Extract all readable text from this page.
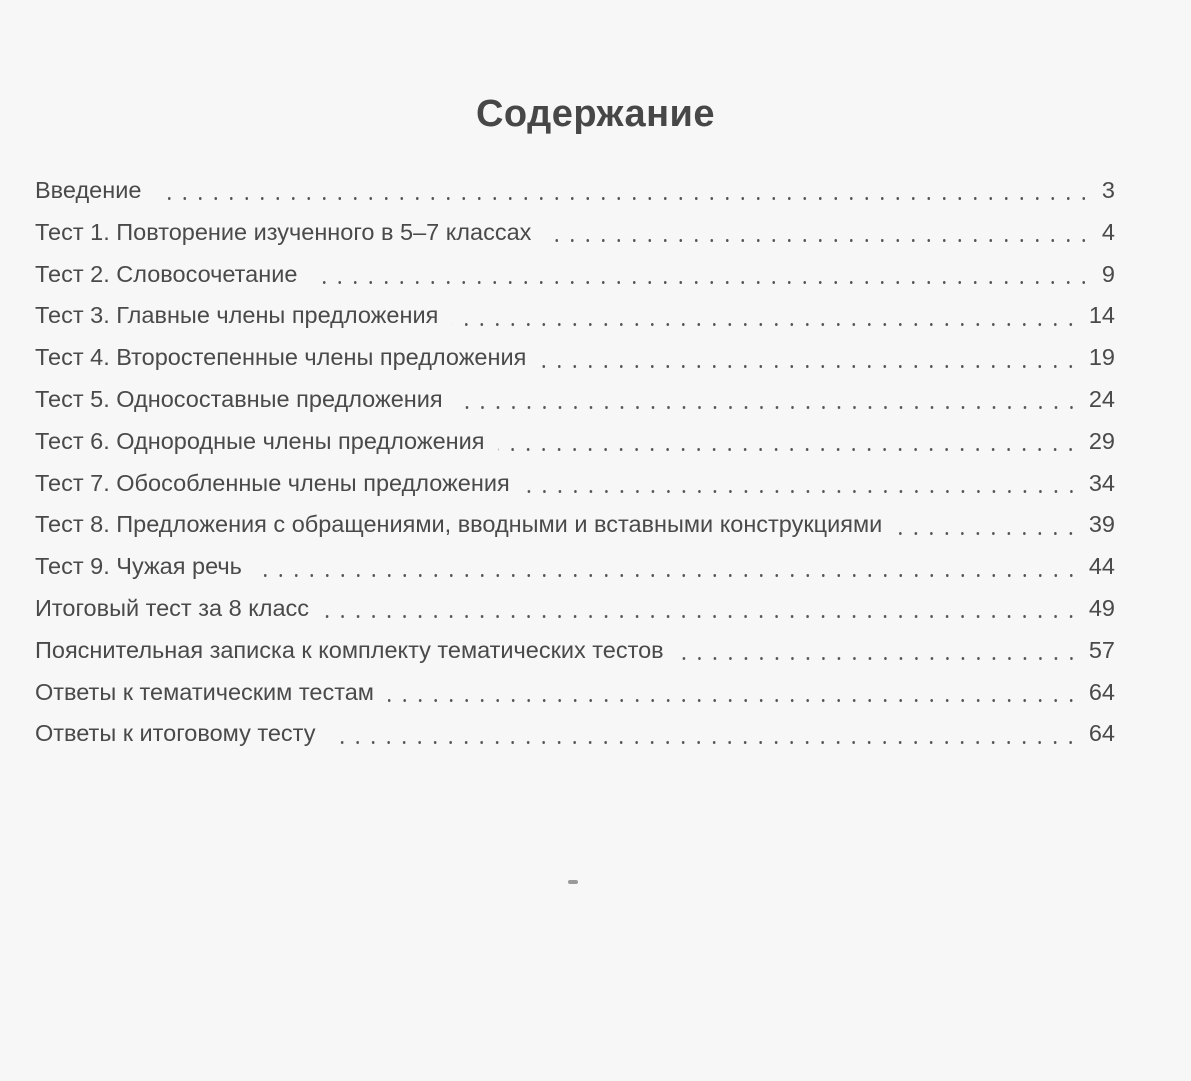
Содержание
Введение	3
Тест 1. Повторение изученного в 5–7 классах	4
Тест 2. Словосочетание	9
Тест 3. Главные члены предложения	14
Тест 4. Второстепенные члены предложения	19
Тест 5. Односоставные предложения	24
Тест 6. Однородные члены предложения	29
Тест 7. Обособленные члены предложения	34
Тест 8. Предложения с обращениями, вводными и вставными конструкциями	39
Тест 9. Чужая речь	44
Итоговый тест за 8 класс	49
Пояснительная записка к комплекту тематических тестов	57
Ответы к тематическим тестам	64
Ответы к итоговому тесту	64
